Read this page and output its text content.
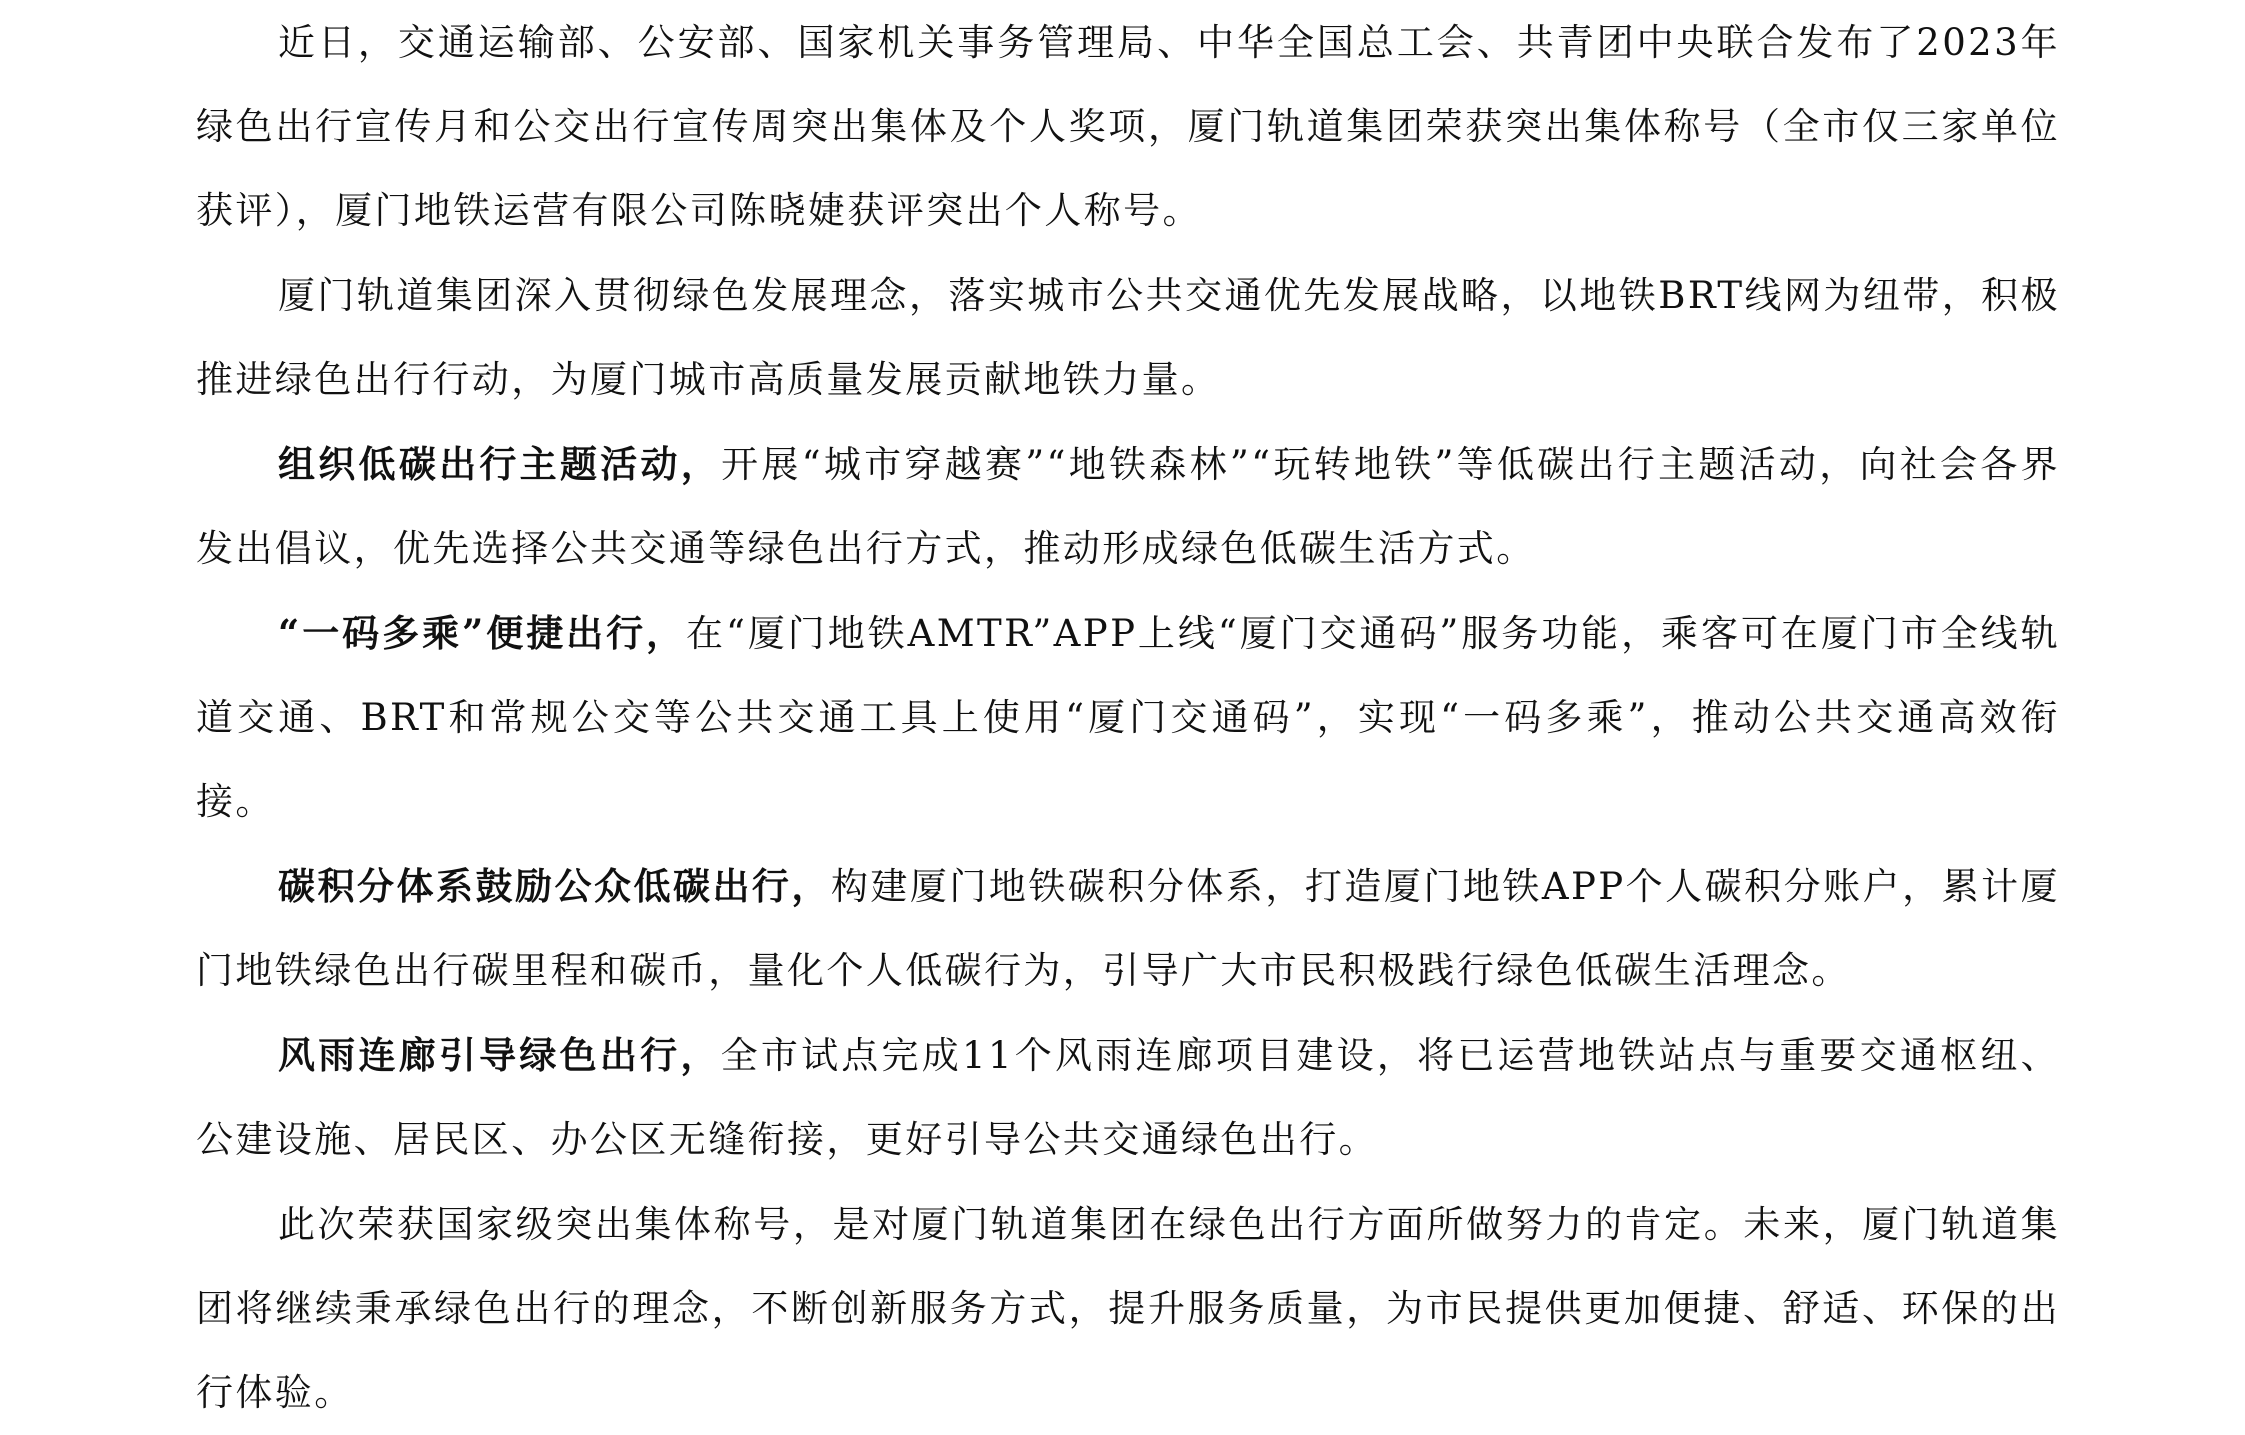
近日，交通运输部、公安部、国家机关事务管理局、中华全国总工会、共青团中央联合发布了2023年绿色出行宣传月和公交出行宣传周突出集体及个人奖项，厦门轨道集团荣获突出集体称号（全市仅三家单位获评），厦门地铁运营有限公司陈晓婕获评突出个人称号。

厦门轨道集团深入贯彻绿色发展理念，落实城市公共交通优先发展战略，以地铁BRT线网为纽带，积极推进绿色出行行动，为厦门城市高质量发展贡献地铁力量。

组织低碳出行主题活动，开展“城市穿越赛”“地铁森林”“玩转地铁”等低碳出行主题活动，向社会各界发出倡议，优先选择公共交通等绿色出行方式，推动形成绿色低碳生活方式。

“一码多乘”便捷出行，在“厦门地铁AMTR”APP上线“厦门交通码”服务功能，乘客可在厦门市全线轨道交通、BRT和常规公交等公共交通工具上使用“厦门交通码”，实现“一码多乘”，推动公共交通高效衔接。

碳积分体系鼓励公众低碳出行，构建厦门地铁碳积分体系，打造厦门地铁APP个人碳积分账户，累计厦门地铁绿色出行碳里程和碳币，量化个人低碳行为，引导广大市民积极践行绿色低碳生活理念。

风雨连廊引导绿色出行，全市试点完成11个风雨连廊项目建设，将已运营地铁站点与重要交通枢纽、公建设施、居民区、办公区无缝衔接，更好引导公共交通绿色出行。

此次荣获国家级突出集体称号，是对厦门轨道集团在绿色出行方面所做努力的肯定。未来，厦门轨道集团将继续秉承绿色出行的理念，不断创新服务方式，提升服务质量，为市民提供更加便捷、舒适、环保的出行体验。
